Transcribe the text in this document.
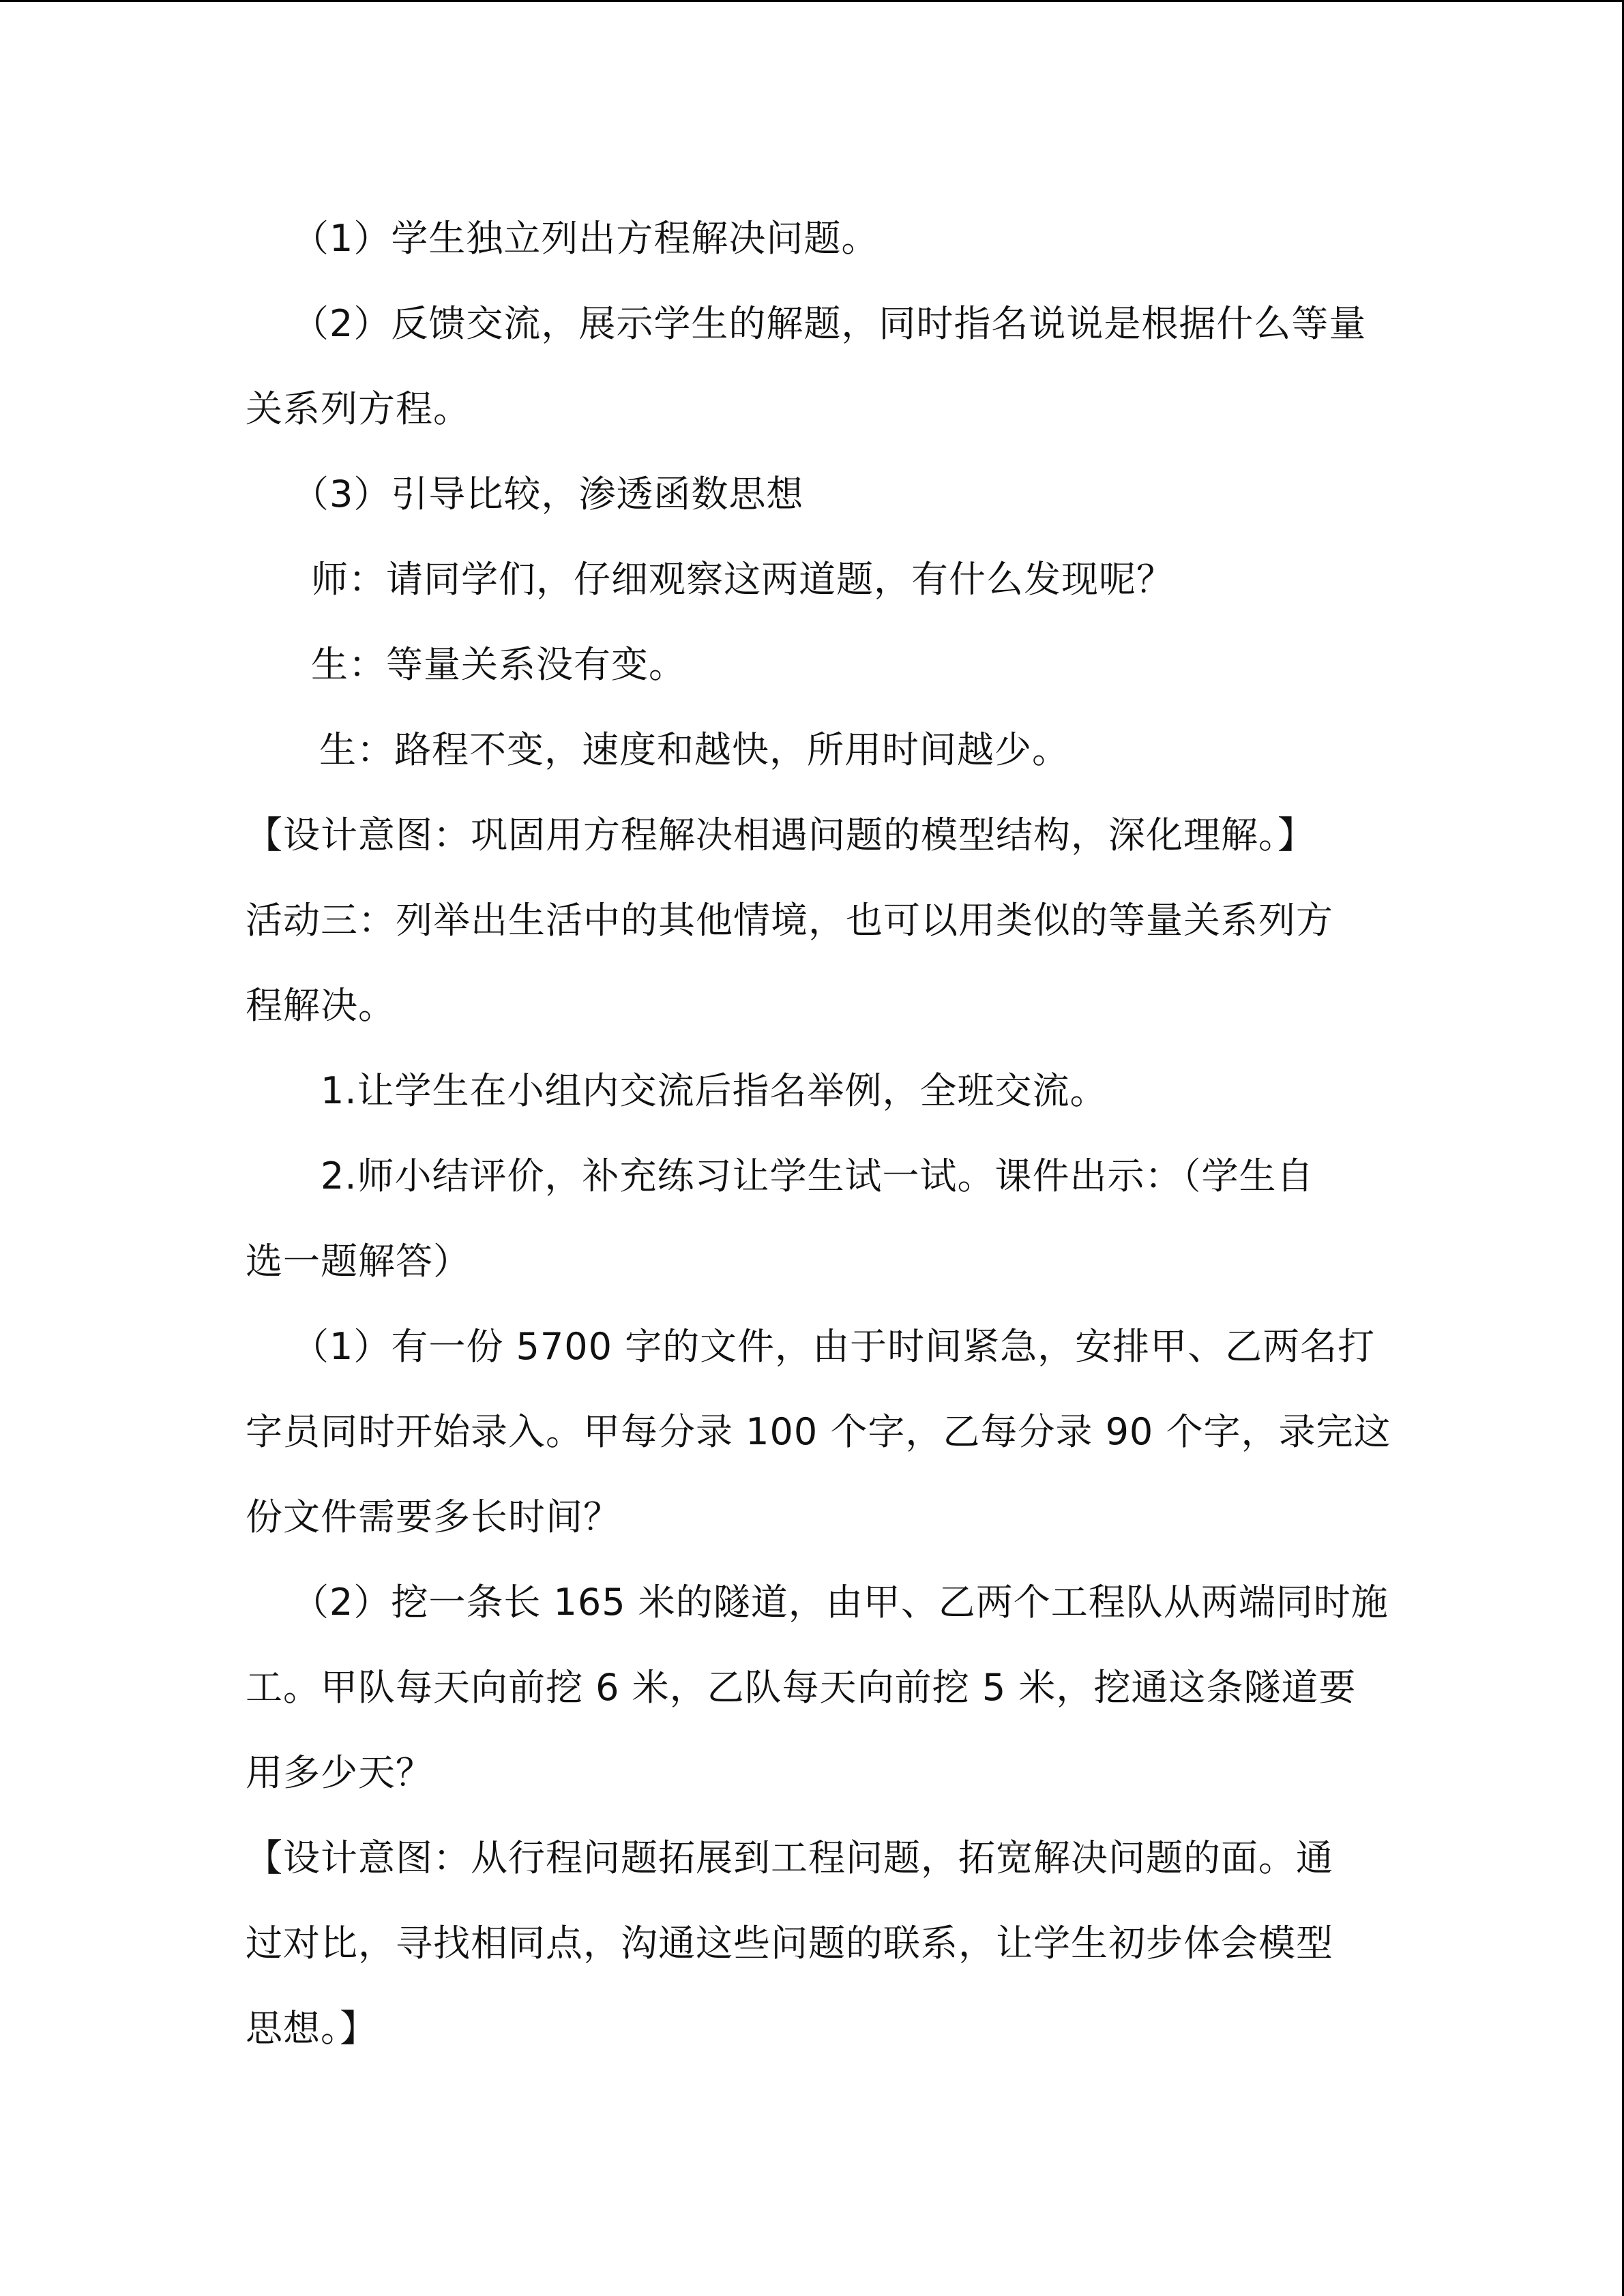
（1）学生独立列出方程解决问题。
（2）反馈交流，展示学生的解题，同时指名说说是根据什么等量
关系列方程。
（3）引导比较，渗透函数思想
师：请同学们，仔细观察这两道题，有什么发现呢？
生：等量关系没有变。
生：路程不变，速度和越快，所用时间越少。
【设计意图：巩固用方程解决相遇问题的模型结构，深化理解。】
活动三：列举出生活中的其他情境，也可以用类似的等量关系列方
程解决。
1.让学生在小组内交流后指名举例，全班交流。
2.师小结评价，补充练习让学生试一试。课件出示：（学生自
选一题解答）
（1）有一份 5700 字的文件，由于时间紧急，安排甲、乙两名打
字员同时开始录入。甲每分录 100 个字，乙每分录 90 个字，录完这
份文件需要多长时间？
（2）挖一条长 165 米的隧道，由甲、乙两个工程队从两端同时施
工。甲队每天向前挖 6 米，乙队每天向前挖 5 米，挖通这条隧道要
用多少天？
【设计意图：从行程问题拓展到工程问题，拓宽解决问题的面。通
过对比，寻找相同点，沟通这些问题的联系，让学生初步体会模型
思想。】
